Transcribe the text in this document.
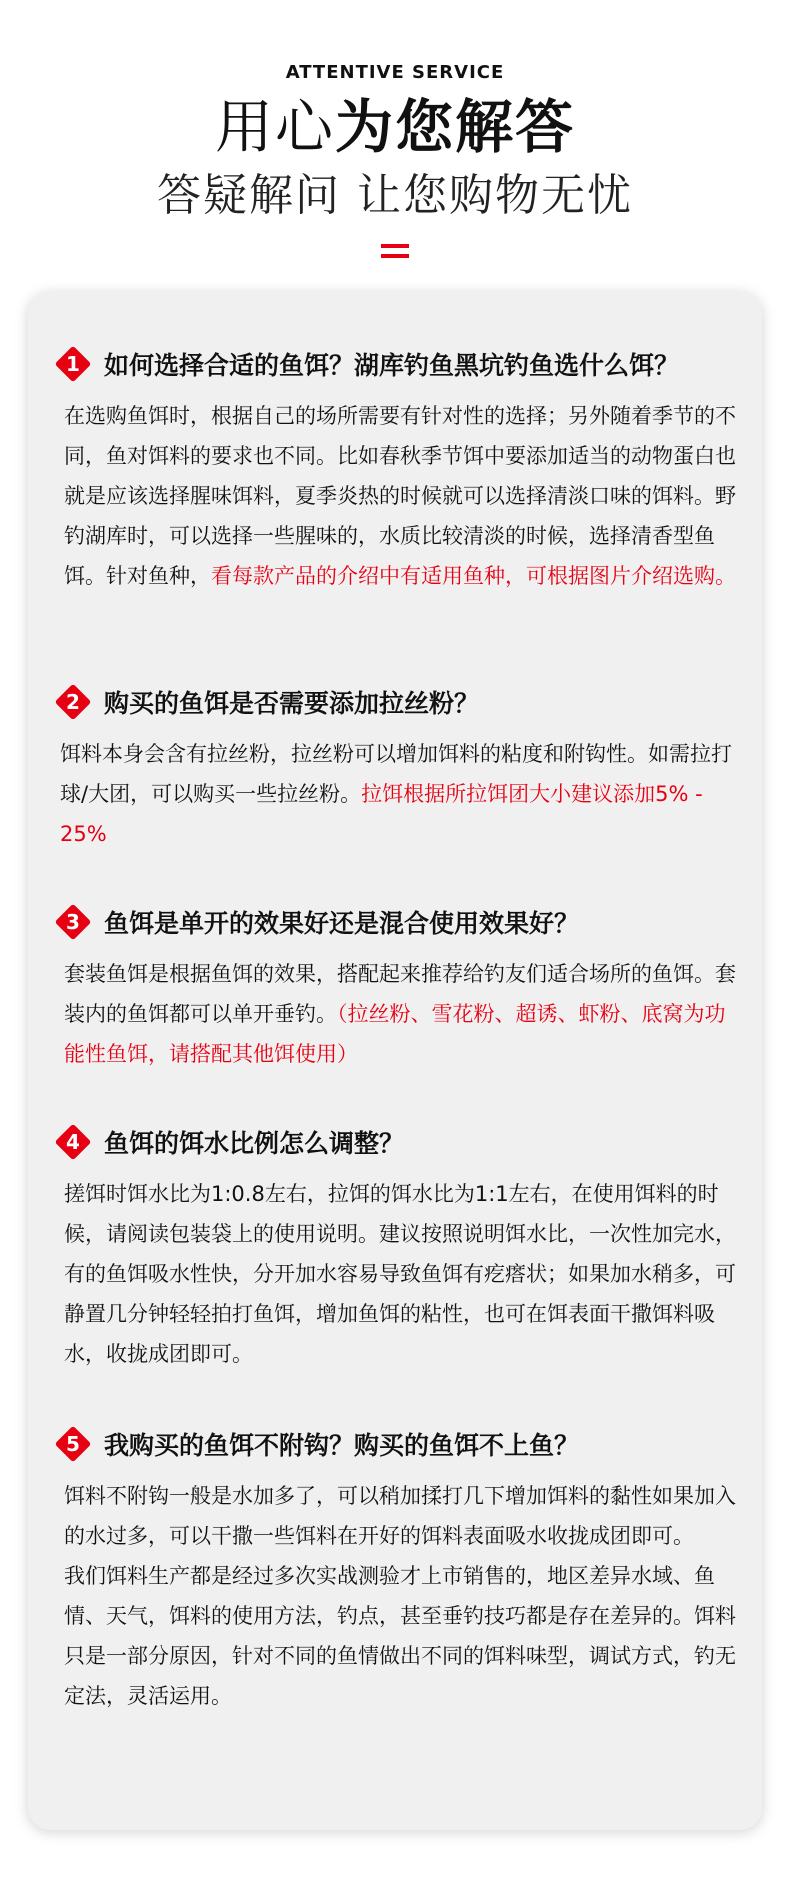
ATTENTIVE SERVICE
用心为您解答
答疑解问 让您购物无忧
1 如何选择合适的鱼饵？湖库钓鱼黑坑钓鱼选什么饵？
在选购鱼饵时，根据自己的场所需要有针对性的选择；另外随着季节的不同，鱼对饵料的要求也不同。比如春秋季节饵中要添加适当的动物蛋白也就是应该选择腥味饵料，夏季炎热的时候就可以选择清淡口味的饵料。野钓湖库时，可以选择一些腥味的，水质比较清淡的时候，选择清香型鱼饵。针对鱼种，看每款产品的介绍中有适用鱼种，可根据图片介绍选购。
2 购买的鱼饵是否需要添加拉丝粉？
饵料本身会含有拉丝粉，拉丝粉可以增加饵料的粘度和附钩性。如需拉打球/大团，可以购买一些拉丝粉。拉饵根据所拉饵团大小建议添加5% - 25%
3 鱼饵是单开的效果好还是混合使用效果好？
套装鱼饵是根据鱼饵的效果，搭配起来推荐给钓友们适合场所的鱼饵。套装内的鱼饵都可以单开垂钓。（拉丝粉、雪花粉、超诱、虾粉、底窝为功能性鱼饵，请搭配其他饵使用）
4 鱼饵的饵水比例怎么调整？
搓饵时饵水比为1:0.8左右，拉饵的饵水比为1:1左右，在使用饵料的时候，请阅读包装袋上的使用说明。建议按照说明饵水比，一次性加完水，有的鱼饵吸水性快，分开加水容易导致鱼饵有疙瘩状；如果加水稍多，可静置几分钟轻轻拍打鱼饵，增加鱼饵的粘性，也可在饵表面干撒饵料吸水，收拢成团即可。
5 我购买的鱼饵不附钩？购买的鱼饵不上鱼？

饵料不附钩一般是水加多了，可以稍加揉打几下增加饵料的黏性如果加入的水过多，可以干撒一些饵料在开好的饵料表面吸水收拢成团即可。

我们饵料生产都是经过多次实战测验才上市销售的，地区差异水域、鱼情、天气，饵料的使用方法，钓点，甚至垂钓技巧都是存在差异的。饵料只是一部分原因，针对不同的鱼情做出不同的饵料味型，调试方式，钓无定法，灵活运用。
